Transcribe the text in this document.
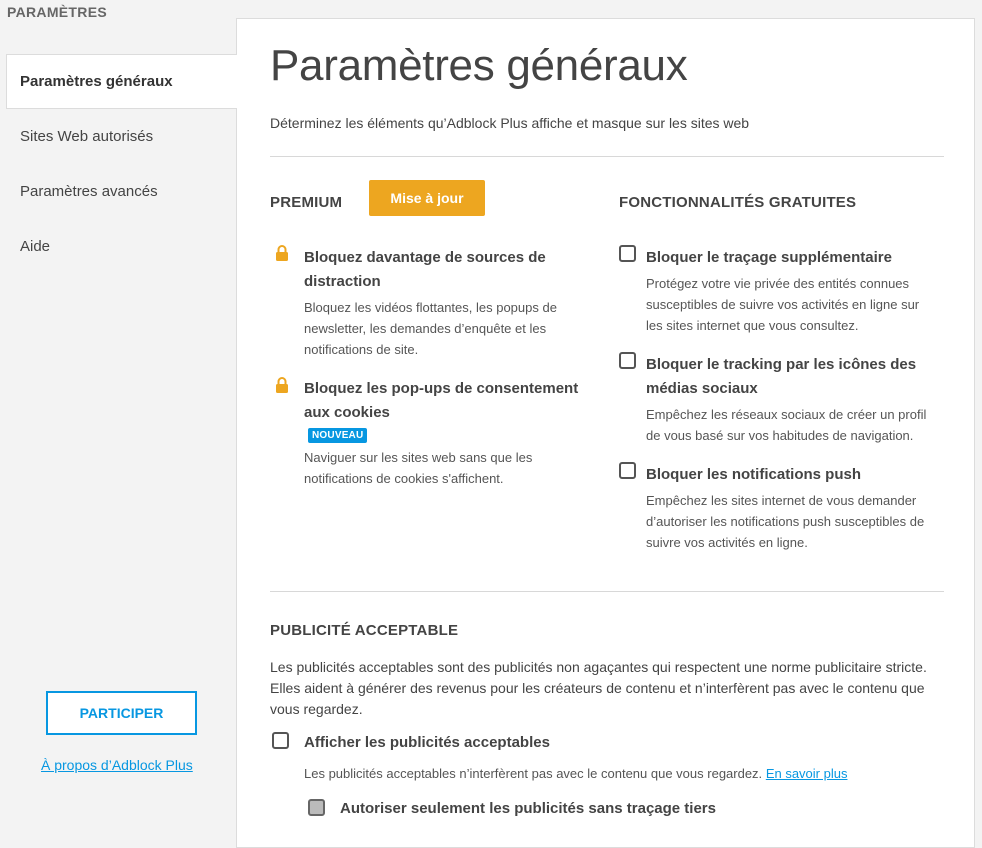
PARAMÈTRES
Paramètres généraux
Sites Web autorisés
Paramètres avancés
Aide
PARTICIPER
À propos d’Adblock Plus
Paramètres généraux
Déterminez les éléments qu’Adblock Plus affiche et masque sur les sites web
PREMIUM	Mise à jour	FONCTIONNALITÉS GRATUITES
Bloquez davantage de sources de distraction
Bloquez les vidéos flottantes, les popups de newsletter, les demandes d’enquête et les notifications de site.
Bloquez les pop-ups de consentement aux cookies
NOUVEAU
Naviguer sur les sites web sans que les notifications de cookies s'affichent.
Bloquer le traçage supplémentaire
Protégez votre vie privée des entités connues susceptibles de suivre vos activités en ligne sur les sites internet que vous consultez.
Bloquer le tracking par les icônes des médias sociaux
Empêchez les réseaux sociaux de créer un profil de vous basé sur vos habitudes de navigation.
Bloquer les notifications push
Empêchez les sites internet de vous demander d’autoriser les notifications push susceptibles de suivre vos activités en ligne.
PUBLICITÉ ACCEPTABLE
Les publicités acceptables sont des publicités non agaçantes qui respectent une norme publicitaire stricte. Elles aident à générer des revenus pour les créateurs de contenu et n’interfèrent pas avec le contenu que vous regardez.
Afficher les publicités acceptables
Les publicités acceptables n’interfèrent pas avec le contenu que vous regardez. En savoir plus
Autoriser seulement les publicités sans traçage tiers
